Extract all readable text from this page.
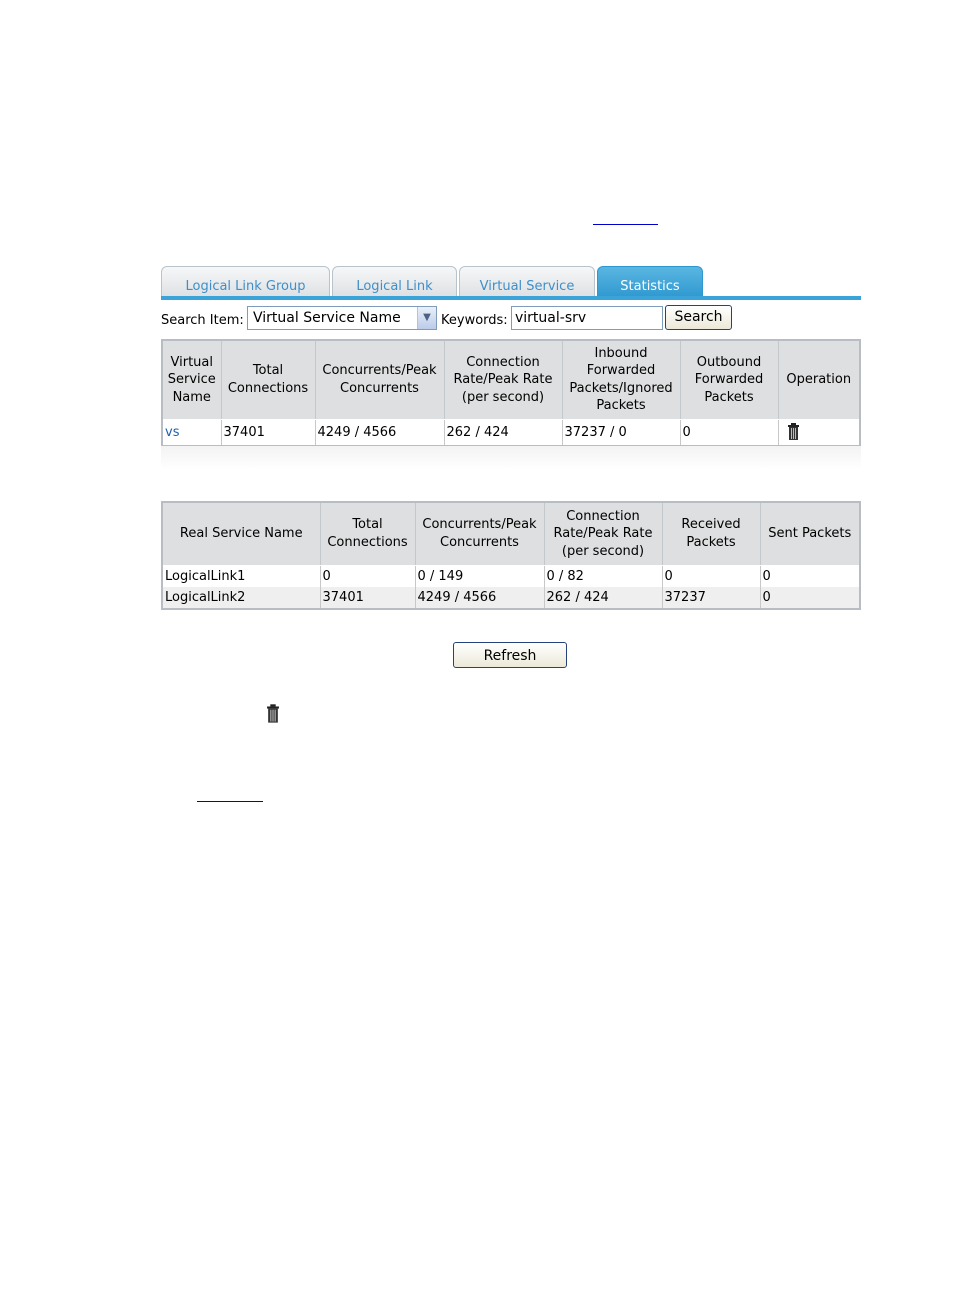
Logical Link Group	Logical Link	Virtual Service	Statistics
Search Item: Virtual Service Name	▼ Keywords: virtual-srv	Search
Virtual Service Name	Total Connections	Concurrents/Peak Concurrents	Connection Rate/Peak Rate (per second)	Inbound Forwarded Packets/Ignored Packets	Outbound Forwarded Packets	Operation
vs	37401	4249 / 4566	262 / 424	37237 / 0	0	
Real Service Name	Total Connections	Concurrents/Peak Concurrents	Connection Rate/Peak Rate (per second)	Received Packets	Sent Packets
LogicalLink1	0	0 / 149	0 / 82	0	0
LogicalLink2	37401	4249 / 4566	262 / 424	37237	0
Refresh
